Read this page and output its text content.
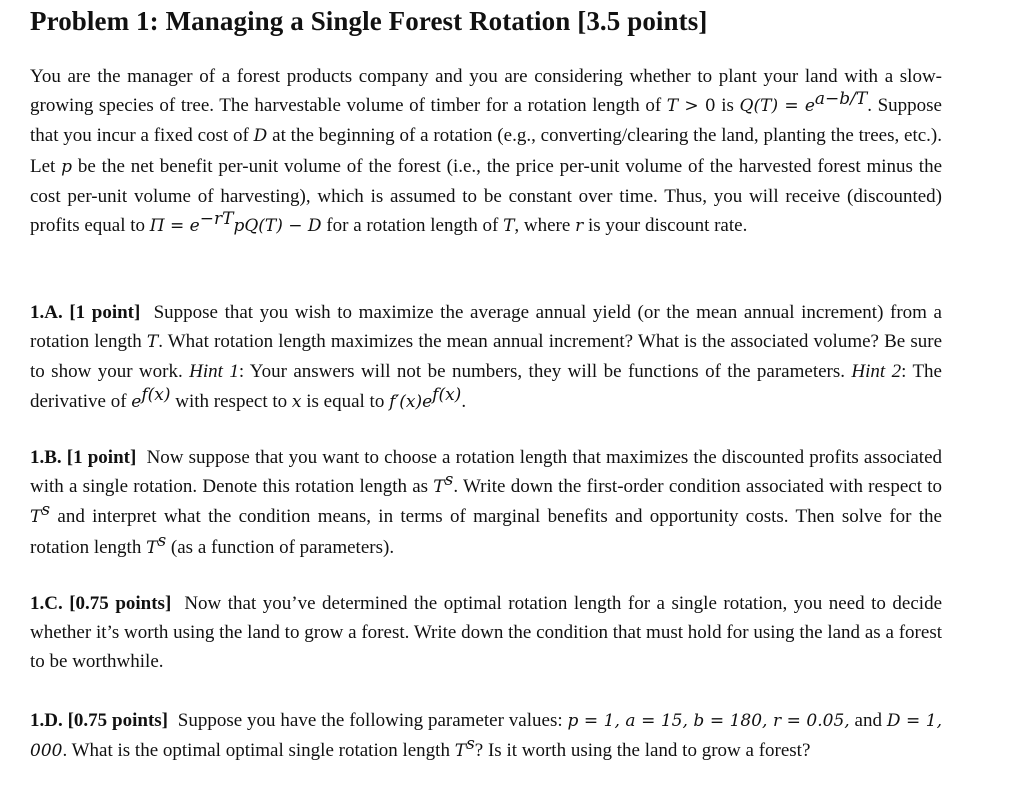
Problem 1: Managing a Single Forest Rotation [3.5 points]

You are the manager of a forest products company and you are considering whether to plant your land with a slow-growing species of tree. The harvestable volume of timber for a rotation length of T > 0 is $Q(T) = e^{a-b/T}$. Suppose that you incur a fixed cost of D at the beginning of a rotation (e.g., converting/clearing the land, planting the trees, etc.). Let p be the net benefit per-unit volume of the forest (i.e., the price per-unit volume of the harvested forest minus the cost per-unit volume of harvesting), which is assumed to be constant over time. Thus, you will receive (discounted) profits equal to $\Pi = e^{-rT}pQ(T) - D$ for a rotation length of T, where r is your discount rate.

1.A. [1 point] Suppose that you wish to maximize the average annual yield (or the mean annual increment) from a rotation length T. What rotation length maximizes the mean annual increment? What is the associated volume? Be sure to show your work. Hint 1: Your answers will not be numbers, they will be functions of the parameters. Hint 2: The derivative of $e^{f(x)}$ with respect to x is equal to $f'(x)e^{f(x)}$.

1.B. [1 point] Now suppose that you want to choose a rotation length that maximizes the discounted profits associated with a single rotation. Denote this rotation length as $T^s$. Write down the first-order condition associated with respect to $T^s$ and interpret what the condition means, in terms of marginal benefits and opportunity costs. Then solve for the rotation length $T^s$ (as a function of parameters).

1.C. [0.75 points] Now that you’ve determined the optimal rotation length for a single rotation, you need to decide whether it’s worth using the land to grow a forest. Write down the condition that must hold for using the land as a forest to be worthwhile.

1.D. [0.75 points] Suppose you have the following parameter values: p = 1, a = 15, b = 180, r = 0.05, and D = 1, 000. What is the optimal optimal single rotation length $T^s$? Is it worth using the land to grow a forest?
